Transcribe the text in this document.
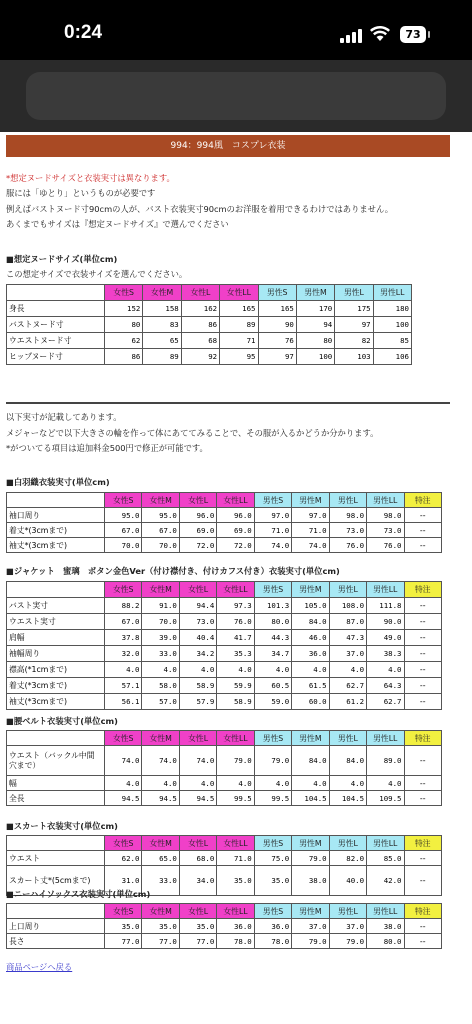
0:24	73
994：994風　コスプレ衣装
*想定ヌードサイズと衣装実寸は異なります。
服には「ゆとり」というものが必要です
例えばバストヌード寸90cmの人が、バスト衣装実寸90cmのお洋服を着用できるわけではありません。
あくまでもサイズは『想定ヌードサイズ』で選んでください
■想定ヌードサイズ(単位cm)
この想定サイズで衣装サイズを選んでください。
	女性S	女性M	女性L	女性LL	男性S	男性M	男性L	男性LL
身長	152	158	162	165	165	170	175	180
バストヌード寸	80	83	86	89	90	94	97	100
ウエストヌード寸	62	65	68	71	76	80	82	85
ヒップヌード寸	86	89	92	95	97	100	103	106
以下実寸が記載してあります。
メジャーなどで以下大きさの輪を作って体にあててみることで、その服が入るかどうか分かります。
*がついてる項目は追加料金500円で修正が可能です。
■白羽織衣装実寸(単位cm)
	女性S	女性M	女性L	女性LL	男性S	男性M	男性L	男性LL	特注
袖口周り	95.0	95.0	96.0	96.0	97.0	97.0	98.0	98.0	--
着丈*(3cmまで)	67.0	67.0	69.0	69.0	71.0	71.0	73.0	73.0	--
袖丈*(3cmまで)	70.0	70.0	72.0	72.0	74.0	74.0	76.0	76.0	--
■ジャケット　蜜璃　ボタン金色Ver（付け襟付き、付けカフス付き）衣装実寸(単位cm)
	女性S	女性M	女性L	女性LL	男性S	男性M	男性L	男性LL	特注
バスト実寸	88.2	91.0	94.4	97.3	101.3	105.0	108.0	111.8	--
ウエスト実寸	67.0	70.0	73.0	76.0	80.0	84.0	87.0	90.0	--
肩幅	37.8	39.0	40.4	41.7	44.3	46.0	47.3	49.0	--
袖幅周り	32.0	33.0	34.2	35.3	34.7	36.0	37.0	38.3	--
襟高(*1cmまで)	4.0	4.0	4.0	4.0	4.0	4.0	4.0	4.0	--
着丈(*3cmまで)	57.1	58.0	58.9	59.9	60.5	61.5	62.7	64.3	--
袖丈(*3cmまで)	56.1	57.0	57.9	58.9	59.0	60.0	61.2	62.7	--
■腰ベルト衣装実寸(単位cm)
	女性S	女性M	女性L	女性LL	男性S	男性M	男性L	男性LL	特注
ウエスト（バックル中間穴まで）	74.0	74.0	74.0	79.0	79.0	84.0	84.0	89.0	--
幅	4.0	4.0	4.0	4.0	4.0	4.0	4.0	4.0	--
全長	94.5	94.5	94.5	99.5	99.5	104.5	104.5	109.5	--
■スカート衣装実寸(単位cm)
	女性S	女性M	女性L	女性LL	男性S	男性M	男性L	男性LL	特注
ウエスト	62.0	65.0	68.0	71.0	75.0	79.0	82.0	85.0	--
スカート丈*(5cmまで)	31.0	33.0	34.0	35.0	35.0	38.0	40.0	42.0	--
■ニーハイソックス衣装実寸(単位cm)
	女性S	女性M	女性L	女性LL	男性S	男性M	男性L	男性LL	特注
上口周り	35.0	35.0	35.0	36.0	36.0	37.0	37.0	38.0	--
長さ	77.0	77.0	77.0	78.0	78.0	79.0	79.0	80.0	--
商品ページへ戻る
